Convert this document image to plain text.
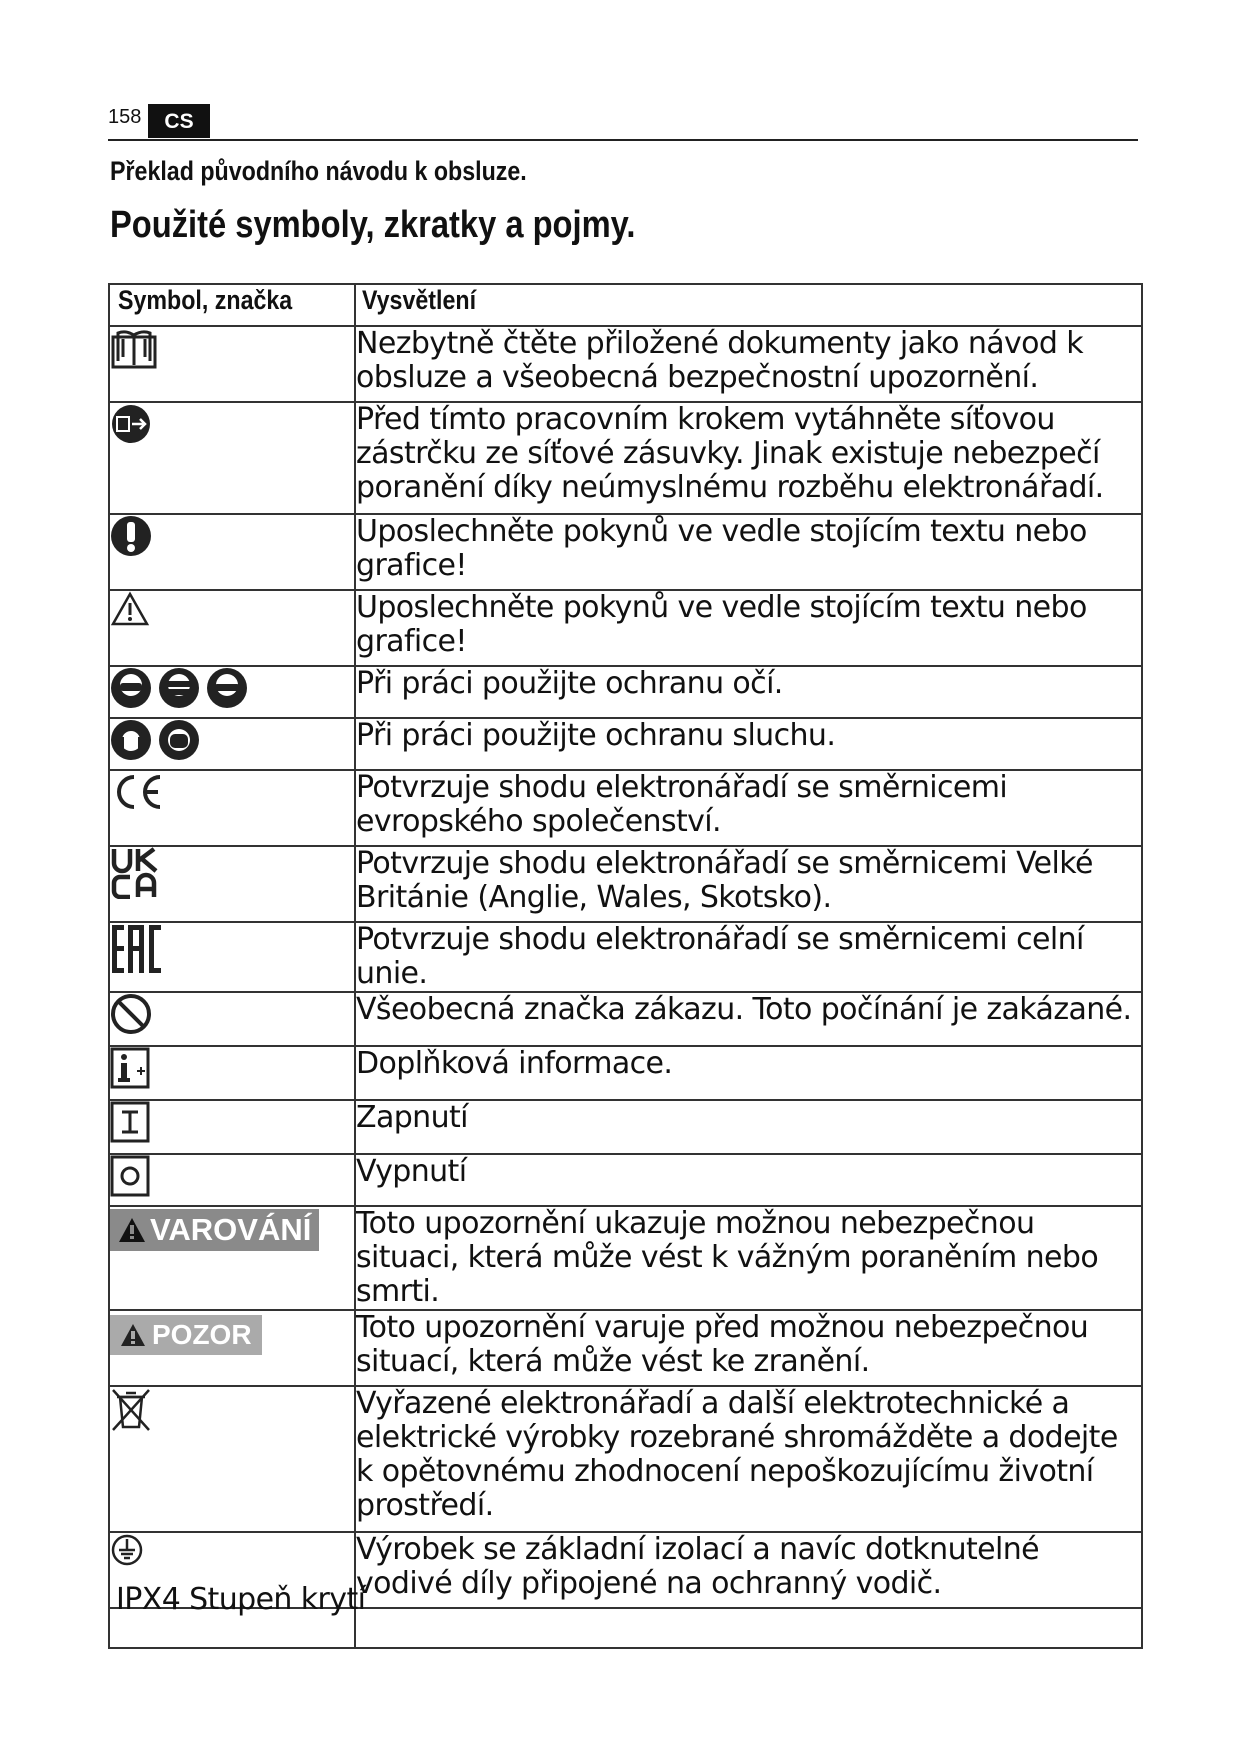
158	CS
Překlad původního návodu k obsluze.
Použité symboly, zkratky a pojmy.
Symbol, značka	Vysvětlení

	Nezbytně čtěte přiložené dokumenty jako návod k obsluze a všeobecná bezpečnostní upozornění.

	Před tímto pracovním krokem vytáhněte síťovou zástrčku ze síťové zásuvky. Jinak existuje nebezpečí poranění díky neúmyslnému rozběhu elektronářadí.

	Uposlechněte pokynů ve vedle stojícím textu nebo grafice!

	Uposlechněte pokynů ve vedle stojícím textu nebo grafice!

	Při práci použijte ochranu očí.

	Při práci použijte ochranu sluchu.

	Potvrzuje shodu elektronářadí se směrnicemi evropského společenství.

	Potvrzuje shodu elektronářadí se směrnicemi Velké Británie (Anglie, Wales, Skotsko).

	Potvrzuje shodu elektronářadí se směrnicemi celní unie.

	Všeobecná značka zákazu. Toto počínání je zakázané.

	Doplňková informace.

	Zapnutí

	Vypnutí

VAROVÁNÍ	Toto upozornění ukazuje možnou nebezpečnou situaci, která může vést k vážným poraněním nebo smrti.

POZOR	Toto upozornění varuje před možnou nebezpečnou situací, která může vést ke zranění.

	Vyřazené elektronářadí a další elektrotechnické a elektrické výrobky rozebrané shromážděte a dodejte k opětovnému zhodnocení nepoškozujícímu životní prostředí.

	Výrobek se základní izolací a navíc dotknutelné vodivé díly připojené na ochranný vodič.

IPX4 Stupeň krytí
